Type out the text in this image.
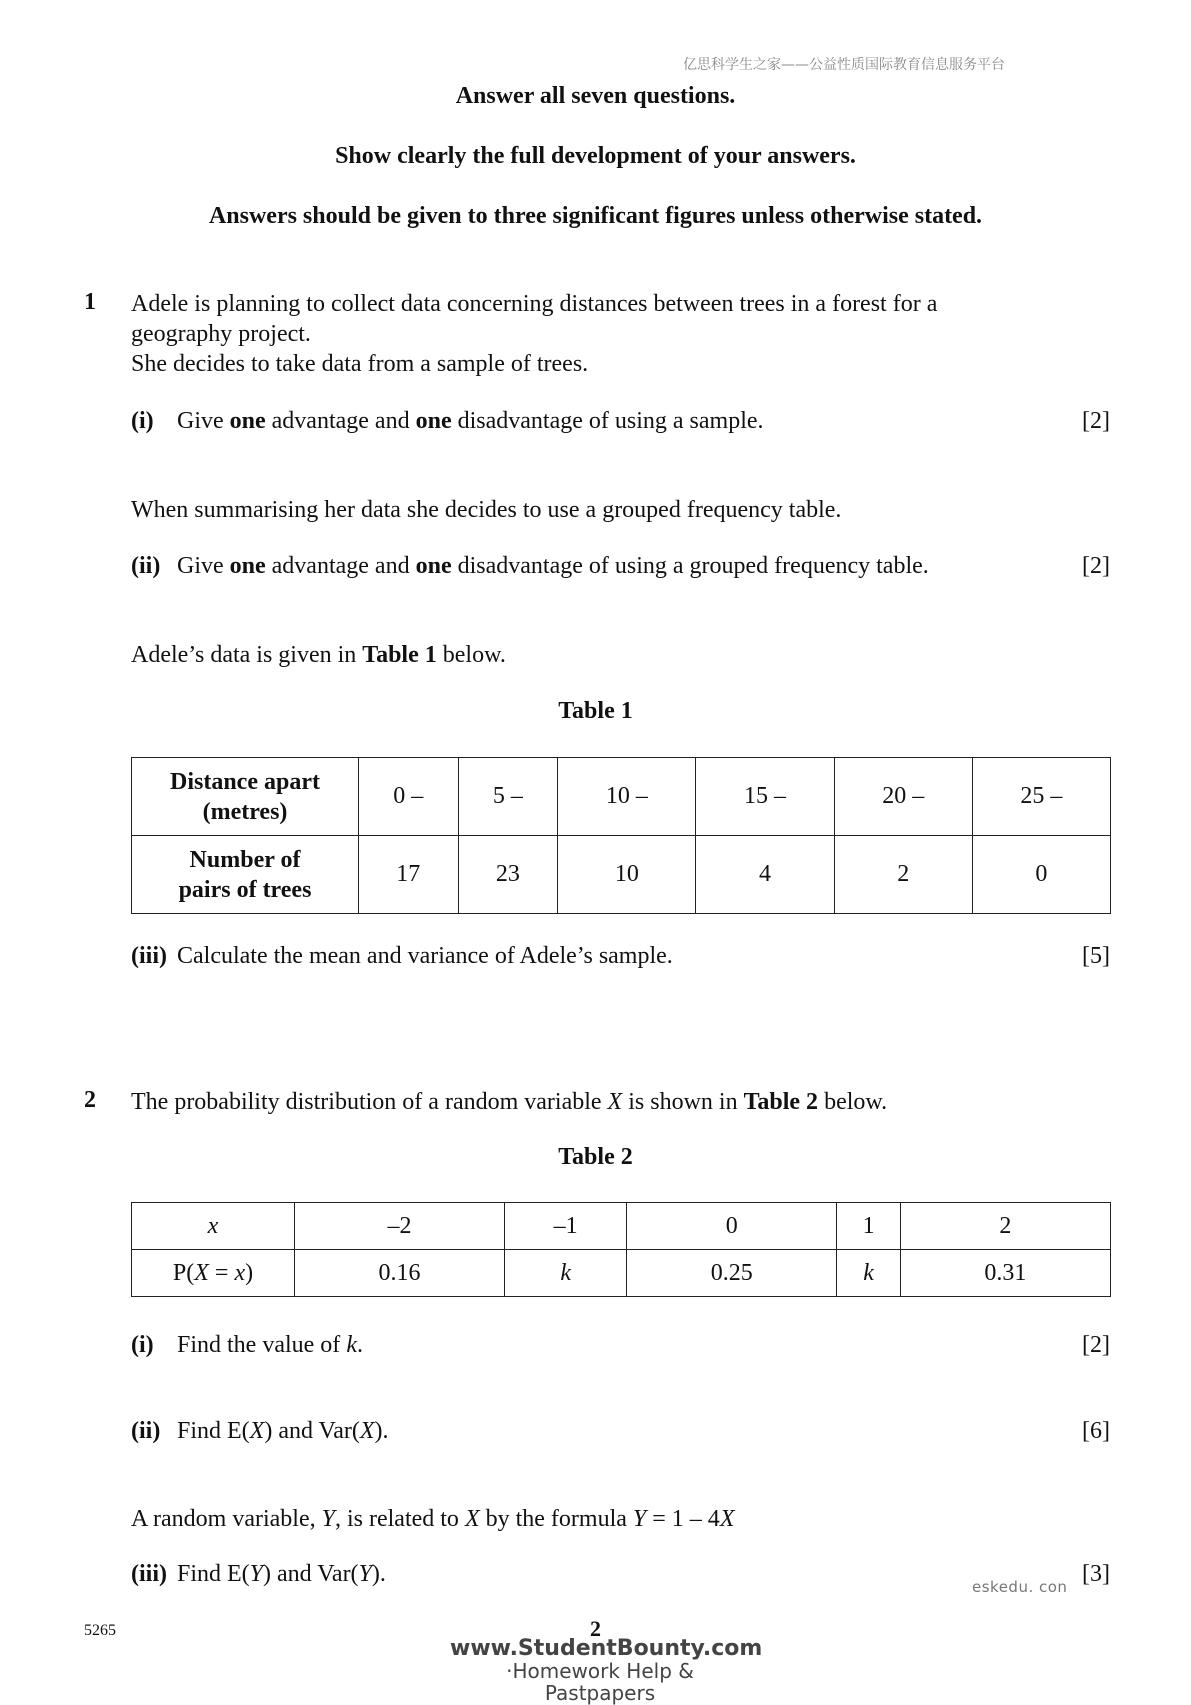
亿思科学生之家——公益性质国际教育信息服务平台
Answer all seven questions.
Show clearly the full development of your answers.
Answers should be given to three significant figures unless otherwise stated.
1 Adele is planning to collect data concerning distances between trees in a forest for a
geography project.
She decides to take data from a sample of trees.
(i) Give one advantage and one disadvantage of using a sample.	[2]
When summarising her data she decides to use a grouped frequency table.
(ii) Give one advantage and one disadvantage of using a grouped frequency table.	[2]
Adele’s data is given in Table 1 below.
Table 1
Distance apart
(metres)	0 –	5 –	10 –	15 –	20 –	25 –

Number of
pairs of trees	17	23	10	4	2	0
(iii) Calculate the mean and variance of Adele’s sample.	[5]
2 The probability distribution of a random variable X is shown in Table 2 below.
Table 2
x	–2	–1	0	1	2
P(X = x)	0.16	k	0.25	k	0.31
(i) Find the value of k.	[2]
(ii) Find E(X) and Var(X).	[6]
A random variable, Y, is related to X by the formula Y = 1 – 4X
(iii) Find E(Y) and Var(Y).	[3]
eskedu. con
5265	2
www.StudentBounty.com
·Homework Help & Pastpapers
